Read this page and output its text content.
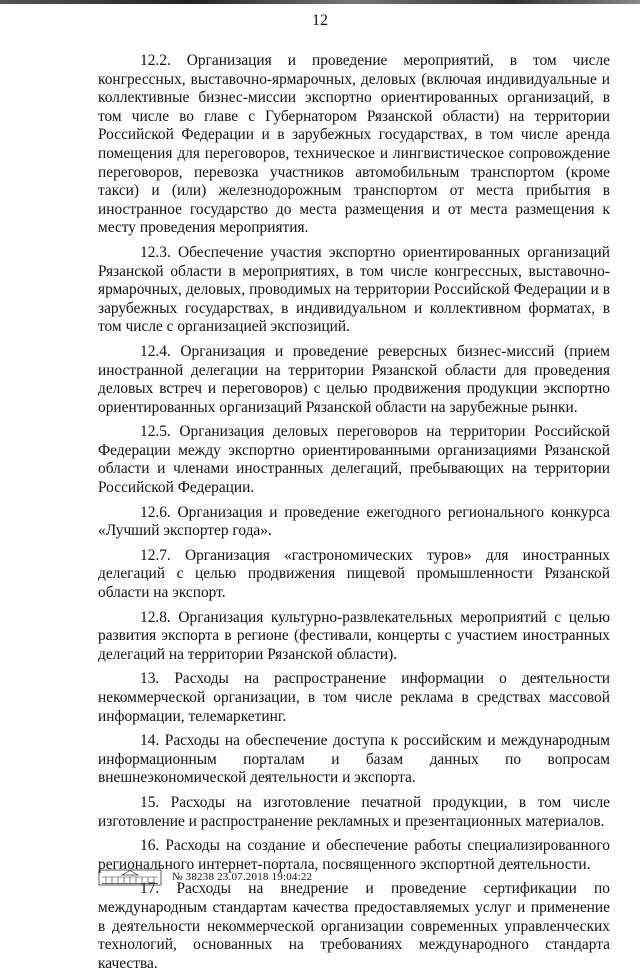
12

12.2. Организация и проведение мероприятий, в том числе конгрессных, выставочно-ярмарочных, деловых (включая индивидуальные и коллективные бизнес-миссии экспортно ориентированных организаций, в том числе во главе с Губернатором Рязанской области) на территории Российской Федерации и в зарубежных государствах, в том числе аренда помещения для переговоров, техническое и лингвистическое сопровождение переговоров, перевозка участников автомобильным транспортом (кроме такси) и (или) железнодорожным транспортом от места прибытия в иностранное государство до места размещения и от места размещения к месту проведения мероприятия.

12.3. Обеспечение участия экспортно ориентированных организаций Рязанской области в мероприятиях, в том числе конгрессных, выставочно-ярмарочных, деловых, проводимых на территории Российской Федерации и в зарубежных государствах, в индивидуальном и коллективном форматах, в том числе с организацией экспозиций.

12.4. Организация и проведение реверсных бизнес-миссий (прием иностранной делегации на территории Рязанской области для проведения деловых встреч и переговоров) с целью продвижения продукции экспортно ориентированных организаций Рязанской области на зарубежные рынки.

12.5. Организация деловых переговоров на территории Российской Федерации между экспортно ориентированными организациями Рязанской области и членами иностранных делегаций, пребывающих на территории Российской Федерации.

12.6. Организация и проведение ежегодного регионального конкурса «Лучший экспортер года».

12.7. Организация «гастрономических туров» для иностранных делегаций с целью продвижения пищевой промышленности Рязанской области на экспорт.

12.8. Организация культурно-развлекательных мероприятий с целью развития экспорта в регионе (фестивали, концерты с участием иностранных делегаций на территории Рязанской области).

13. Расходы на распространение информации о деятельности некоммерческой организации, в том числе реклама в средствах массовой информации, телемаркетинг.

14. Расходы на обеспечение доступа к российским и международным информационным порталам и базам данных по вопросам внешнеэкономической деятельности и экспорта.

15. Расходы на изготовление печатной продукции, в том числе изготовление и распространение рекламных и презентационных материалов.

16. Расходы на создание и обеспечение работы специализированного регионального интернет-портала, посвященного экспортной деятельности.

17. Расходы на внедрение и проведение сертификации по международным стандартам качества предоставляемых услуг и применение в деятельности некоммерческой организации современных управленческих технологий, основанных на требованиях международного стандарта качества.

№ 38238 23.07.2018 19:04:22
